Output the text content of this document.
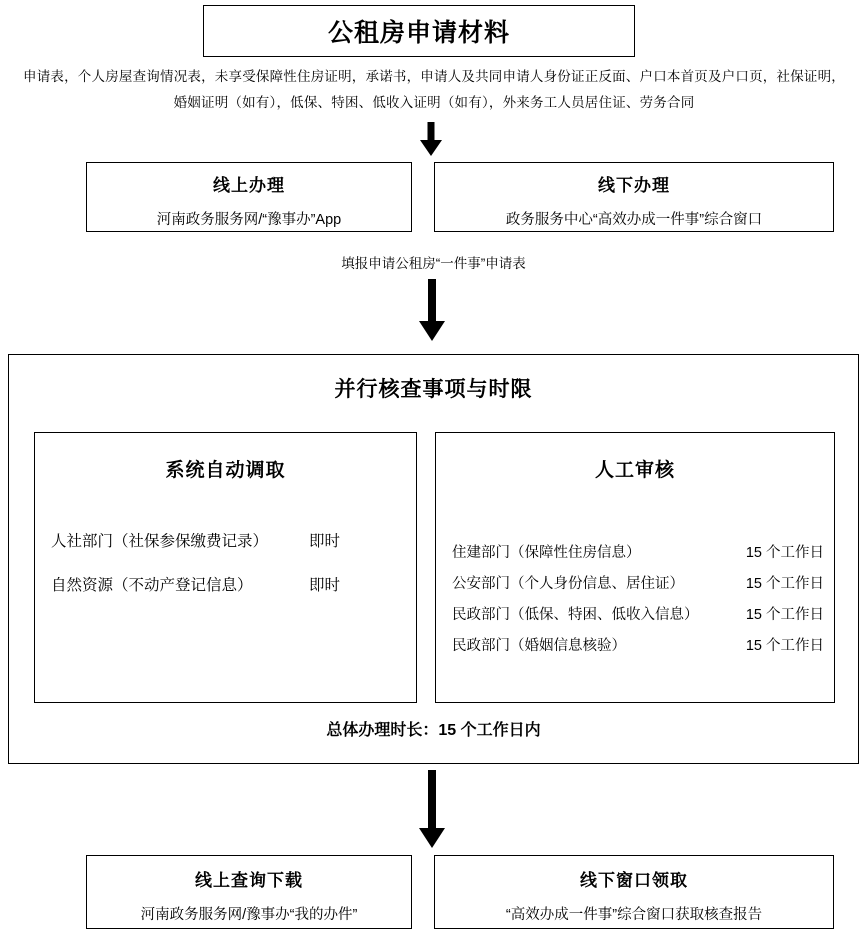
公租房申请材料
申请表，个人房屋查询情况表，未享受保障性住房证明，承诺书，申请人及共同申请人身份证正反面、户口本首页及户口页，社保证明，婚姻证明（如有），低保、特困、低收入证明（如有），外来务工人员居住证、劳务合同
线上办理
河南政务服务网/“豫事办”App
线下办理
政务服务中心“高效办成一件事”综合窗口
填报申请公租房“一件事”申请表
并行核查事项与时限
系统自动调取
人社部门（社保参保缴费记录）	即时
自然资源（不动产登记信息）	即时
人工审核
住建部门（保障性住房信息）	15 个工作日
公安部门（个人身份信息、居住证）	15 个工作日
民政部门（低保、特困、低收入信息）	15 个工作日
民政部门（婚姻信息核验）	15 个工作日
总体办理时长：15 个工作日内
线上查询下载
河南政务服务网/豫事办“我的办件”
线下窗口领取
“高效办成一件事”综合窗口获取核查报告
